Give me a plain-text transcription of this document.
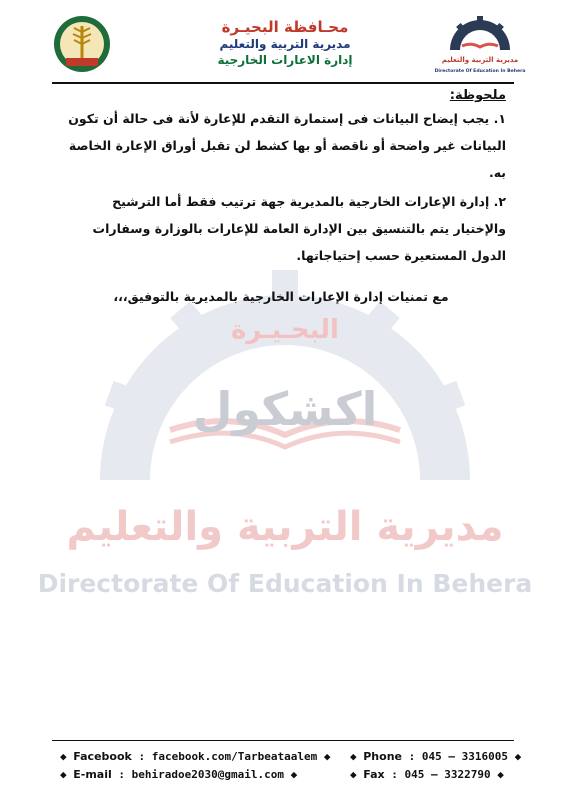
البحـيـرة
اكشكول
مديرية التربية والتعليم
Directorate Of Education In Behera
محـافظة البحيـرة
مديرية التربية والتعليم
إدارة الاعارات الخارجية	مديرية التربية والتعليم
Directorate Of Education In Behera
ملحوظة:
١. يجب إيضاح البيانات فى إستمارة التقدم للإعارة لأنة فى حالة أن تكون البيانات غير واضحة أو ناقصة أو بها كشط لن تقبل أوراق الإعارة الخاصة به.
٢. إدارة الإعارات الخارجية بالمديرية جهة ترتيب فقط أما الترشيح والإختيار يتم بالتنسيق بين الإدارة العامة للإعارات بالوزارة وسفارات الدول المستعيرة حسب إحتياجاتها.
مع تمنيات إدارة الإعارات الخارجية بالمديرية بالتوفيق،،،
◆ Facebook : facebook.com/Tarbeataalem ◆
◆ E-mail : behiradoe2030@gmail.com ◆
◆ Phone : 045 – 3316005 ◆
◆ Fax : 045 – 3322790 ◆
